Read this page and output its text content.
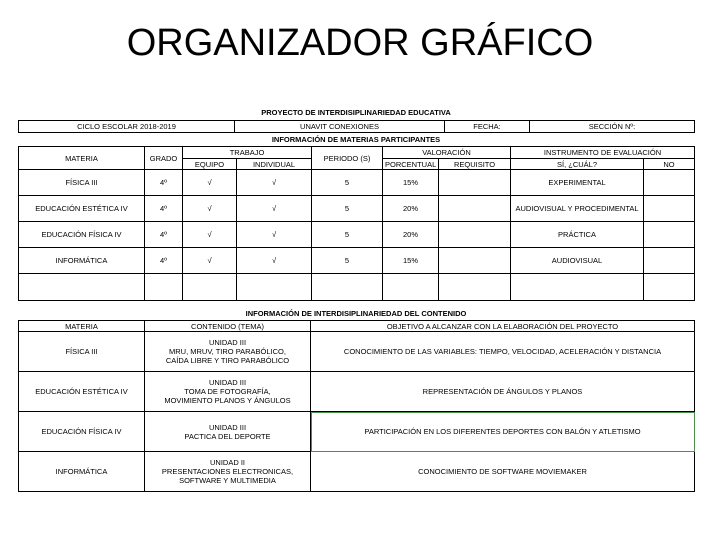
ORGANIZADOR GRÁFICO
PROYECTO DE INTERDISIPLINARIEDAD EDUCATIVA
CICLO ESCOLAR 2018-2019	UNAVIT CONEXIONES	FECHA:	SECCIÓN Nº:
INFORMACIÓN DE MATERIAS PARTICIPANTES
MATERIA	GRADO	TRABAJO		PERIODO (S)	VALORACIÓN		INSTRUMENTO DE EVALUACIÓN	
		EQUIPO	INDIVIDUAL		PORCENTUAL	REQUISITO	SÍ, ¿CUÁL?	NO
FÍSICA III	4º	√	√	5	15%		EXPERIMENTAL	
EDUCACIÓN ESTÉTICA IV	4º	√	√	5	20%		AUDIOVISUAL Y PROCEDIMENTAL	
EDUCACIÓN FÍSICA IV	4º	√	√	5	20%		PRÁCTICA	
INFORMÁTICA	4º	√	√	5	15%		AUDIOVISUAL	

INFORMACIÓN DE INTERDISIPLINARIEDAD DEL CONTENIDO
MATERIA	CONTENIDO (TEMA)	OBJETIVO A ALCANZAR CON LA ELABORACIÓN DEL PROYECTO
FÍSICA III	UNIDAD III
MRU, MRUV, TIRO PARABÓLICO,
CAÍDA LIBRE Y TIRO PARABÓLICO	CONOCIMIENTO DE LAS VARIABLES: TIEMPO, VELOCIDAD, ACELERACIÓN Y DISTANCIA
EDUCACIÓN ESTÉTICA IV	UNIDAD III
TOMA DE FOTOGRAFÍA,
MOVIMIENTO PLANOS Y ÁNGULOS	REPRESENTACIÓN DE ÁNGULOS Y PLANOS
EDUCACIÓN FÍSICA IV	UNIDAD III
PACTICA DEL DEPORTE	PARTICIPACIÓN EN LOS DIFERENTES DEPORTES CON BALÓN Y ATLETISMO
INFORMÁTICA	UNIDAD II
PRESENTACIONES ELECTRONICAS,
SOFTWARE Y MULTIMEDIA	CONOCIMIENTO DE SOFTWARE MOVIEMAKER
